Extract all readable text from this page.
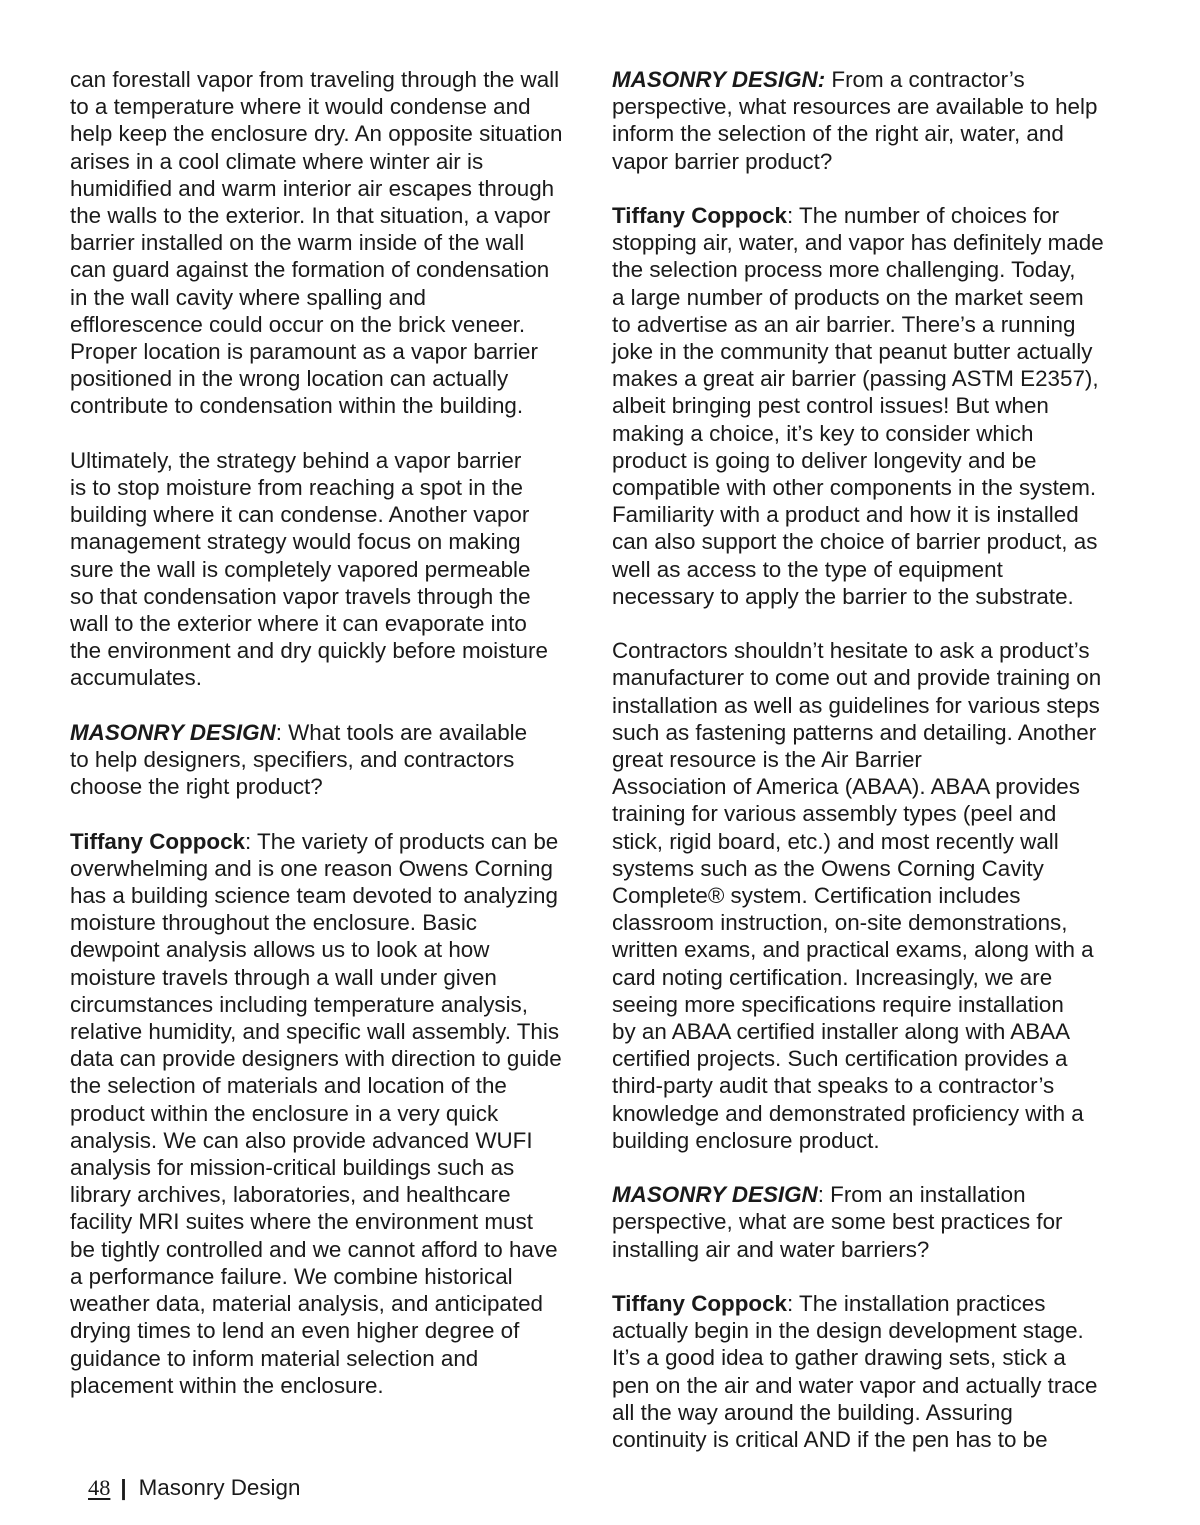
can forestall vapor from traveling through the wall
to a temperature where it would condense and
help keep the enclosure dry. An opposite situation
arises in a cool climate where winter air is
humidified and warm interior air escapes through
the walls to the exterior. In that situation, a vapor
barrier installed on the warm inside of the wall
can guard against the formation of condensation
in the wall cavity where spalling and
efflorescence could occur on the brick veneer.
Proper location is paramount as a vapor barrier
positioned in the wrong location can actually
contribute to condensation within the building.

Ultimately, the strategy behind a vapor barrier
is to stop moisture from reaching a spot in the
building where it can condense. Another vapor
management strategy would focus on making
sure the wall is completely vapored permeable
so that condensation vapor travels through the
wall to the exterior where it can evaporate into
the environment and dry quickly before moisture
accumulates.

MASONRY DESIGN: What tools are available
to help designers, specifiers, and contractors
choose the right product?

Tiffany Coppock: The variety of products can be
overwhelming and is one reason Owens Corning
has a building science team devoted to analyzing
moisture throughout the enclosure. Basic
dewpoint analysis allows us to look at how
moisture travels through a wall under given
circumstances including temperature analysis,
relative humidity, and specific wall assembly. This
data can provide designers with direction to guide
the selection of materials and location of the
product within the enclosure in a very quick
analysis. We can also provide advanced WUFI
analysis for mission-critical buildings such as
library archives, laboratories, and healthcare
facility MRI suites where the environment must
be tightly controlled and we cannot afford to have
a performance failure. We combine historical
weather data, material analysis, and anticipated
drying times to lend an even higher degree of
guidance to inform material selection and
placement within the enclosure.

MASONRY DESIGN: From a contractor’s
perspective, what resources are available to help
inform the selection of the right air, water, and
vapor barrier product?

Tiffany Coppock: The number of choices for
stopping air, water, and vapor has definitely made
the selection process more challenging. Today,
a large number of products on the market seem
to advertise as an air barrier. There’s a running
joke in the community that peanut butter actually
makes a great air barrier (passing ASTM E2357),
albeit bringing pest control issues! But when
making a choice, it’s key to consider which
product is going to deliver longevity and be
compatible with other components in the system.
Familiarity with a product and how it is installed
can also support the choice of barrier product, as
well as access to the type of equipment
necessary to apply the barrier to the substrate.

Contractors shouldn’t hesitate to ask a product’s
manufacturer to come out and provide training on
installation as well as guidelines for various steps
such as fastening patterns and detailing. Another
great resource is the Air Barrier
Association of America (ABAA). ABAA provides
training for various assembly types (peel and
stick, rigid board, etc.) and most recently wall
systems such as the Owens Corning Cavity
Complete® system. Certification includes
classroom instruction, on-site demonstrations,
written exams, and practical exams, along with a
card noting certification. Increasingly, we are
seeing more specifications require installation
by an ABAA certified installer along with ABAA
certified projects. Such certification provides a
third-party audit that speaks to a contractor’s
knowledge and demonstrated proficiency with a
building enclosure product.

MASONRY DESIGN: From an installation
perspective, what are some best practices for
installing air and water barriers?

Tiffany Coppock: The installation practices
actually begin in the design development stage.
It’s a good idea to gather drawing sets, stick a
pen on the air and water vapor and actually trace
all the way around the building. Assuring
continuity is critical AND if the pen has to be

48 | Masonry Design
